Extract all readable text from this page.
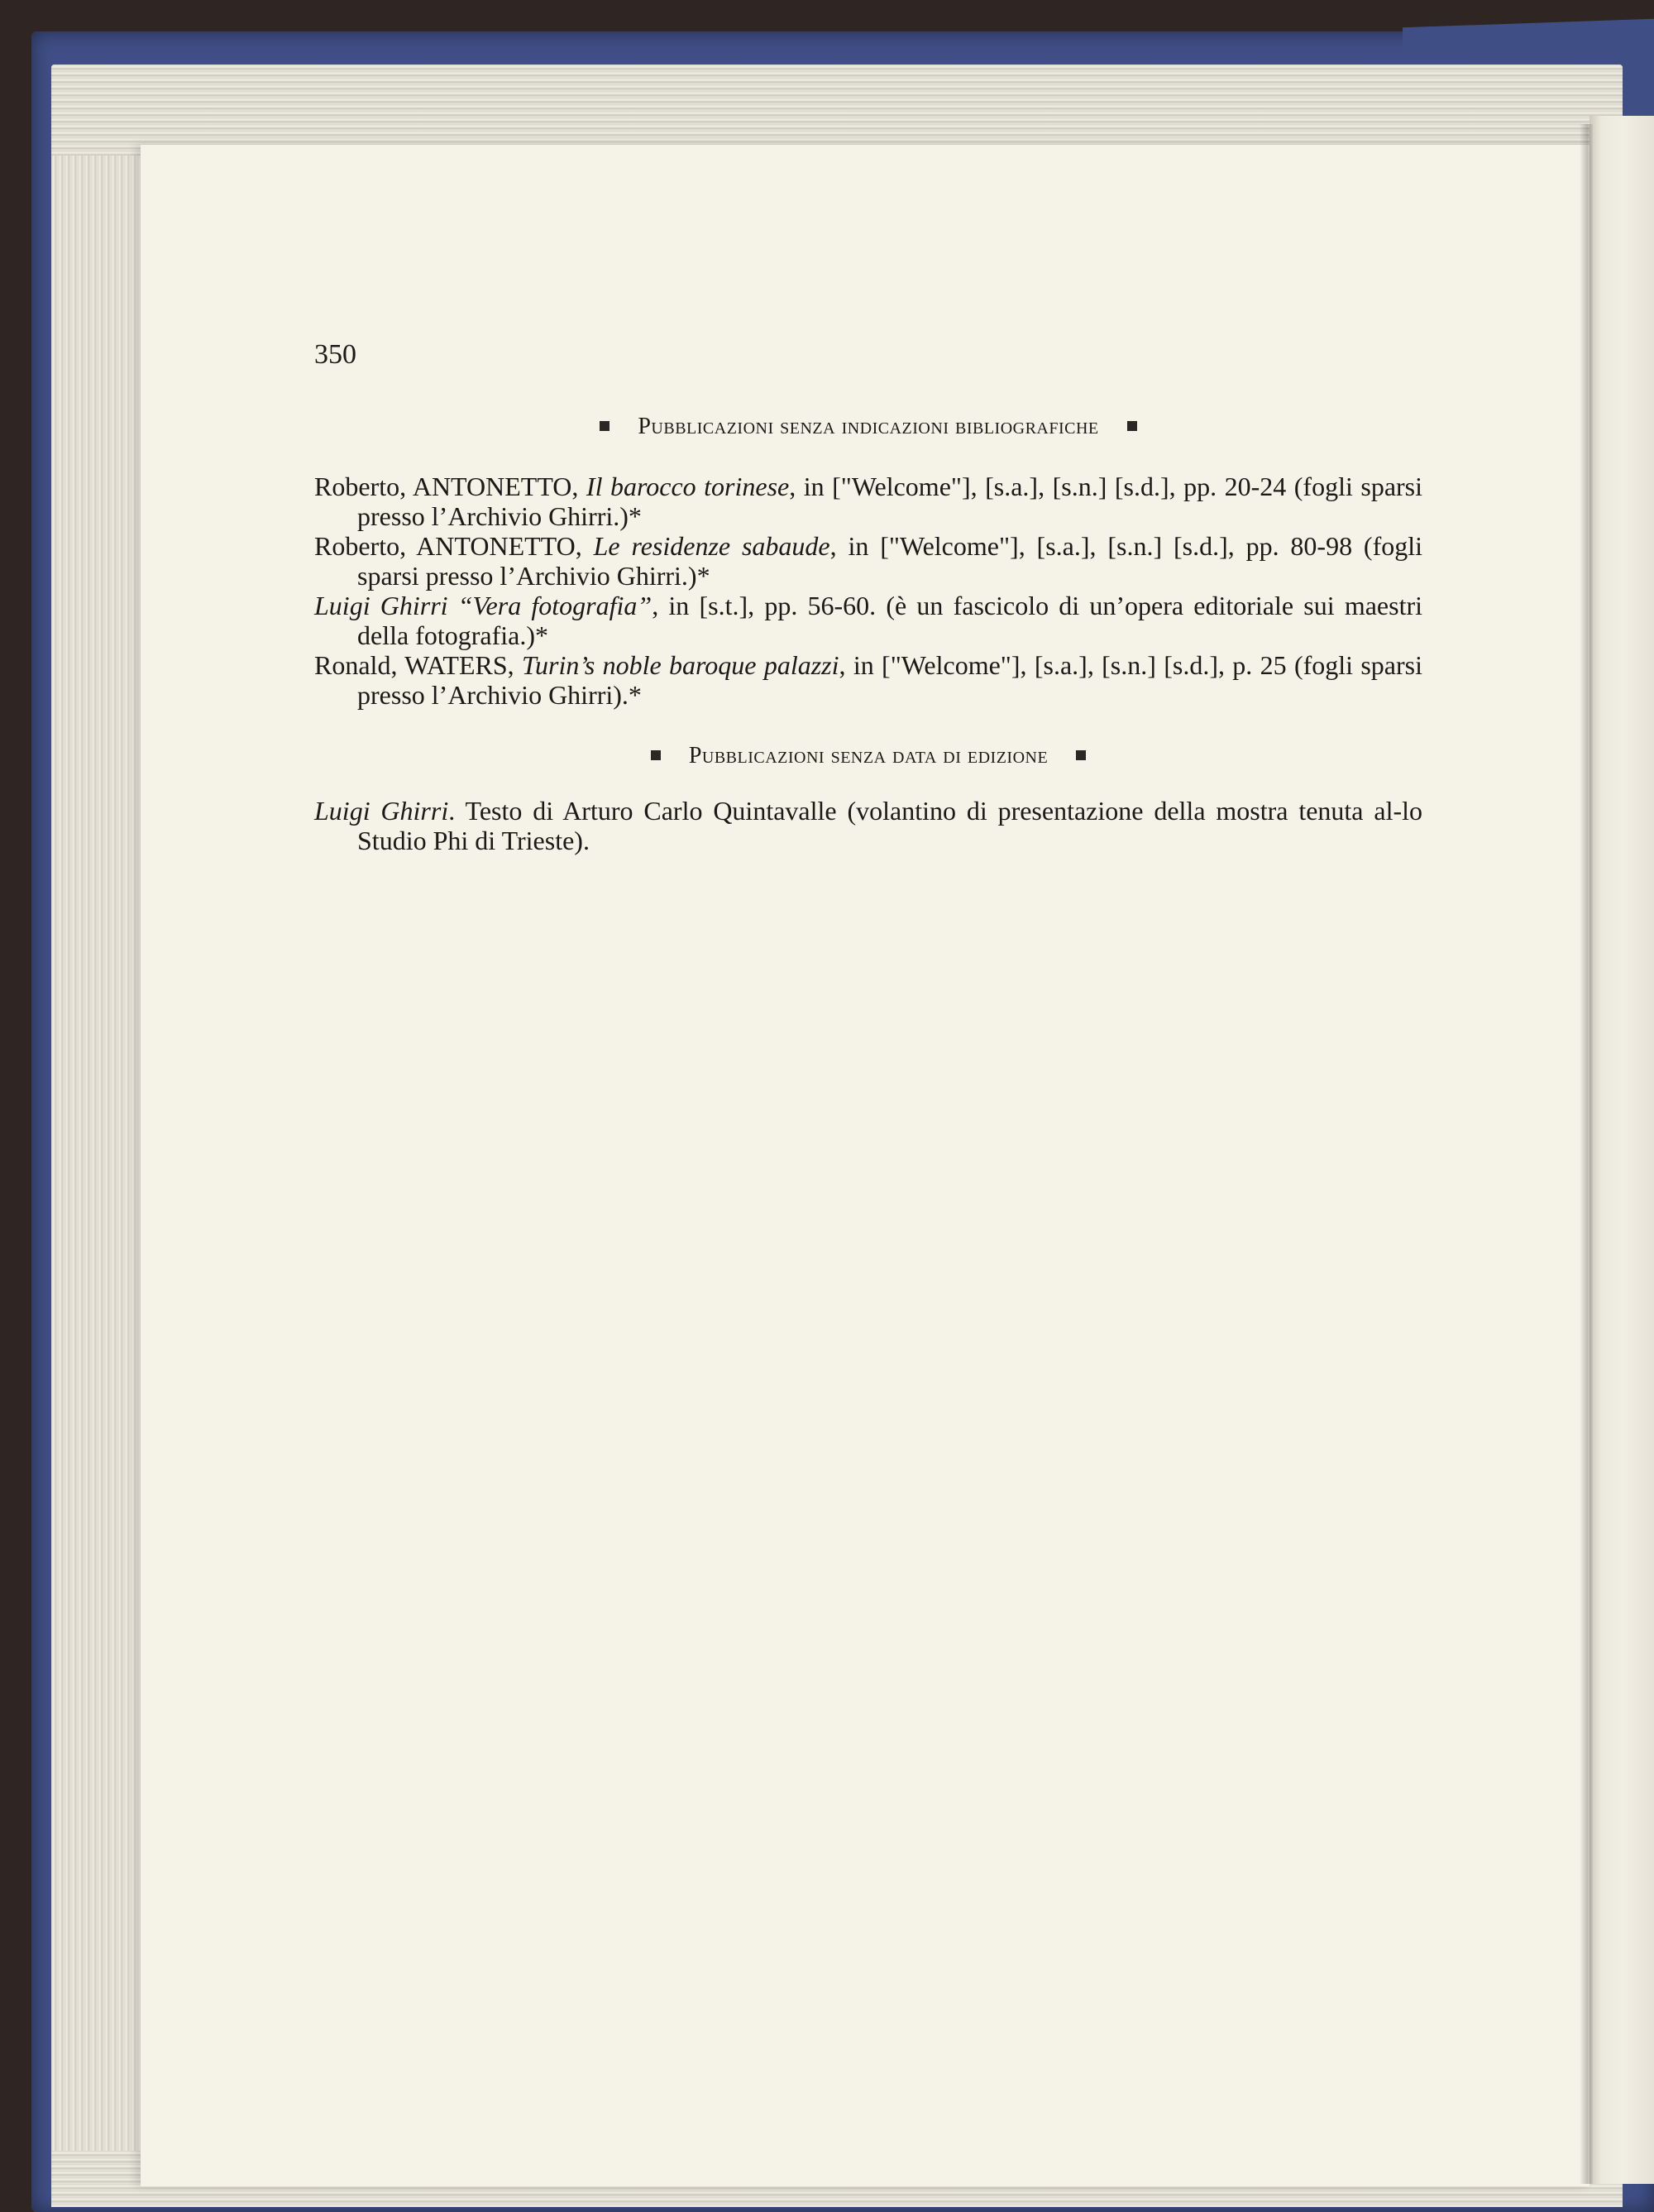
350
Pubblicazioni senza indicazioni bibliografiche

Roberto, ANTONETTO, Il barocco torinese, in ["Welcome"], [s.a.], [s.n.] [s.d.], pp. 20-24 (fogli sparsi presso l’Archivio Ghirri.)*

Roberto, ANTONETTO, Le residenze sabaude, in ["Welcome"], [s.a.], [s.n.] [s.d.], pp. 80-98 (fogli sparsi presso l’Archivio Ghirri.)*

Luigi Ghirri “Vera fotografia”, in [s.t.], pp. 56-60. (è un fascicolo di un’opera editoriale sui maestri della fotografia.)*

Ronald, WATERS, Turin’s noble baroque palazzi, in ["Welcome"], [s.a.], [s.n.] [s.d.], p. 25 (fogli sparsi presso l’Archivio Ghirri).*

Pubblicazioni senza data di edizione

Luigi Ghirri. Testo di Arturo Carlo Quintavalle (volantino di presentazione della mostra tenuta al-lo Studio Phi di Trieste).
